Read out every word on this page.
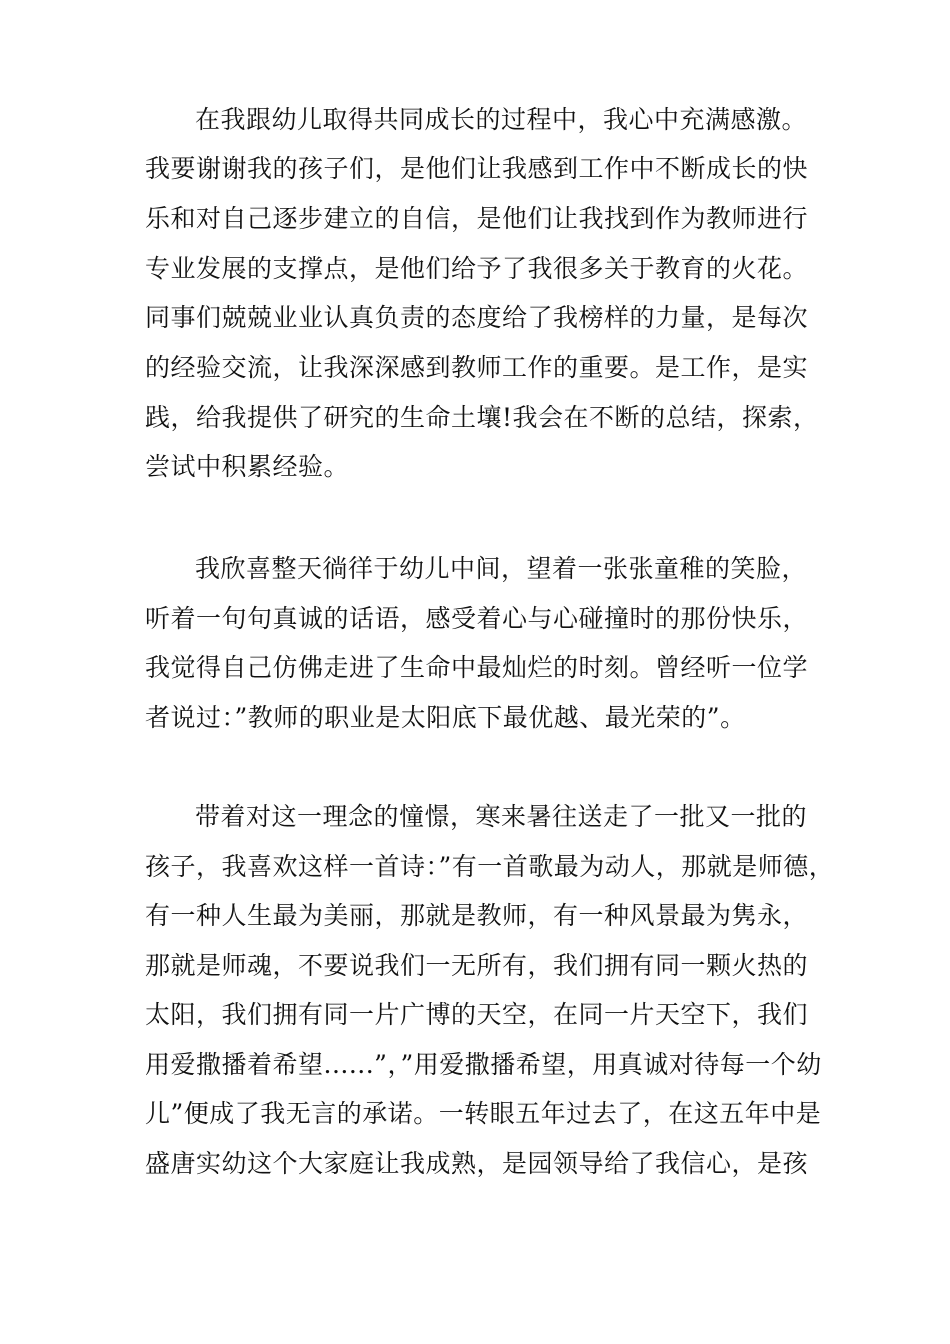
在我跟幼儿取得共同成长的过程中，我心中充满感激。
我要谢谢我的孩子们，是他们让我感到工作中不断成长的快
乐和对自己逐步建立的自信，是他们让我找到作为教师进行
专业发展的支撑点，是他们给予了我很多关于教育的火花。
同事们兢兢业业认真负责的态度给了我榜样的力量，是每次
的经验交流，让我深深感到教师工作的重要。是工作，是实
践，给我提供了研究的生命土壤!我会在不断的总结，探索，
尝试中积累经验。
我欣喜整天徜徉于幼儿中间，望着一张张童稚的笑脸，
听着一句句真诚的话语，感受着心与心碰撞时的那份快乐，
我觉得自己仿佛走进了生命中最灿烂的时刻。曾经听一位学
者说过：”教师的职业是太阳底下最优越、最光荣的”。
带着对这一理念的憧憬，寒来暑往送走了一批又一批的
孩子，我喜欢这样一首诗：”有一首歌最为动人，那就是师德，
有一种人生最为美丽，那就是教师，有一种风景最为隽永，
那就是师魂，不要说我们一无所有，我们拥有同一颗火热的
太阳，我们拥有同一片广博的天空，在同一片天空下，我们
用爱撒播着希望......”，”用爱撒播希望，用真诚对待每一个幼
儿”便成了我无言的承诺。一转眼五年过去了，在这五年中是
盛唐实幼这个大家庭让我成熟，是园领导给了我信心，是孩
